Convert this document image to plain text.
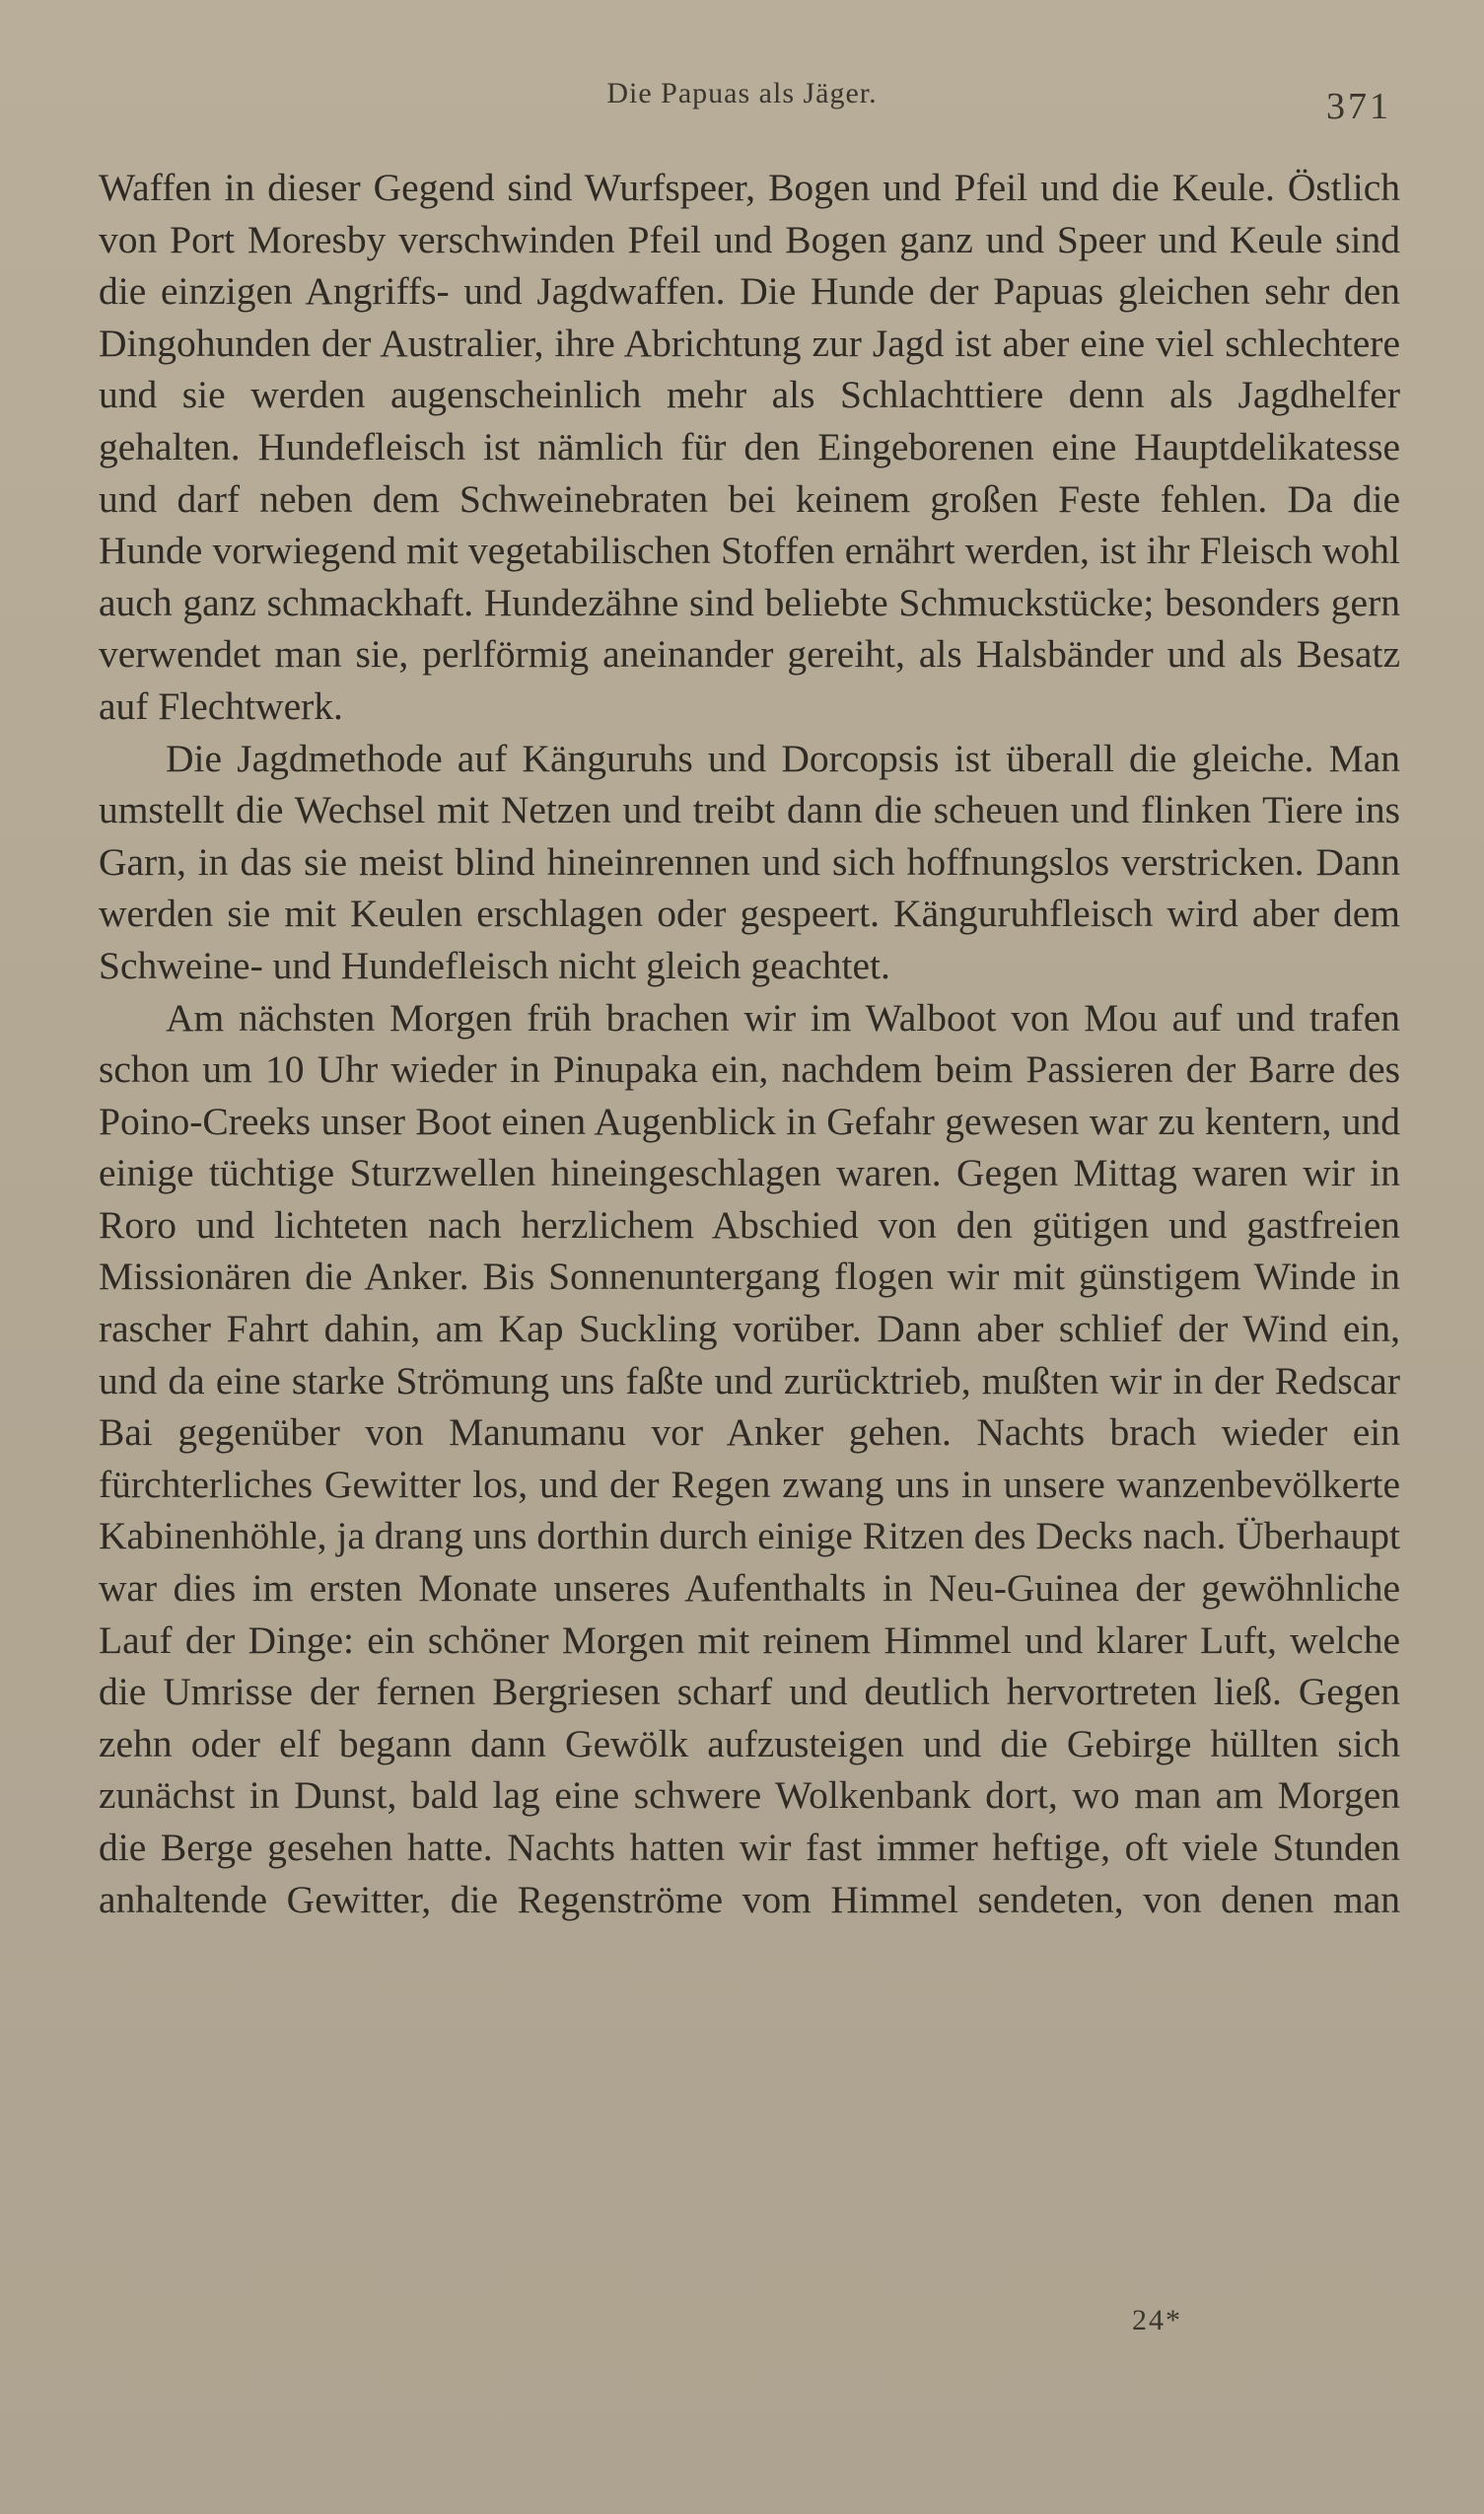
Die Papuas als Jäger.	371

Waffen in dieser Gegend sind Wurfspeer, Bogen und Pfeil und die Keule. Östlich von Port Moresby verschwinden Pfeil und Bogen ganz und Speer und Keule sind die einzigen Angriffs- und Jagdwaffen. Die Hunde der Papuas gleichen sehr den Dingohunden der Australier, ihre Abrichtung zur Jagd ist aber eine viel schlechtere und sie werden augenscheinlich mehr als Schlachttiere denn als Jagdhelfer gehalten. Hundefleisch ist nämlich für den Eingeborenen eine Hauptdelikatesse und darf neben dem Schweinebraten bei keinem großen Feste fehlen. Da die Hunde vorwiegend mit vegetabilischen Stoffen ernährt werden, ist ihr Fleisch wohl auch ganz schmackhaft. Hundezähne sind beliebte Schmuckstücke; besonders gern verwendet man sie, perlförmig aneinander gereiht, als Halsbänder und als Besatz auf Flechtwerk.

Die Jagdmethode auf Känguruhs und Dorcopsis ist überall die gleiche. Man umstellt die Wechsel mit Netzen und treibt dann die scheuen und flinken Tiere ins Garn, in das sie meist blind hineinrennen und sich hoffnungslos verstricken. Dann werden sie mit Keulen erschlagen oder gespeert. Känguruhfleisch wird aber dem Schweine- und Hundefleisch nicht gleich geachtet.

Am nächsten Morgen früh brachen wir im Walboot von Mou auf und trafen schon um 10 Uhr wieder in Pinupaka ein, nachdem beim Passieren der Barre des Poino-Creeks unser Boot einen Augenblick in Gefahr gewesen war zu kentern, und einige tüchtige Sturzwellen hineingeschlagen waren. Gegen Mittag waren wir in Roro und lichteten nach herzlichem Abschied von den gütigen und gastfreien Missionären die Anker. Bis Sonnenuntergang flogen wir mit günstigem Winde in rascher Fahrt dahin, am Kap Suckling vorüber. Dann aber schlief der Wind ein, und da eine starke Strömung uns faßte und zurücktrieb, mußten wir in der Redscar Bai gegenüber von Manumanu vor Anker gehen. Nachts brach wieder ein fürchterliches Gewitter los, und der Regen zwang uns in unsere wanzenbevölkerte Kabinenhöhle, ja drang uns dorthin durch einige Ritzen des Decks nach. Überhaupt war dies im ersten Monate unseres Aufenthalts in Neu-Guinea der gewöhnliche Lauf der Dinge: ein schöner Morgen mit reinem Himmel und klarer Luft, welche die Umrisse der fernen Bergriesen scharf und deutlich hervortreten ließ. Gegen zehn oder elf begann dann Gewölk aufzusteigen und die Gebirge hüllten sich zunächst in Dunst, bald lag eine schwere Wolkenbank dort, wo man am Morgen die Berge gesehen hatte. Nachts hatten wir fast immer heftige, oft viele Stunden anhaltende Gewitter, die Regenströme vom Himmel sendeten, von denen man

24*
